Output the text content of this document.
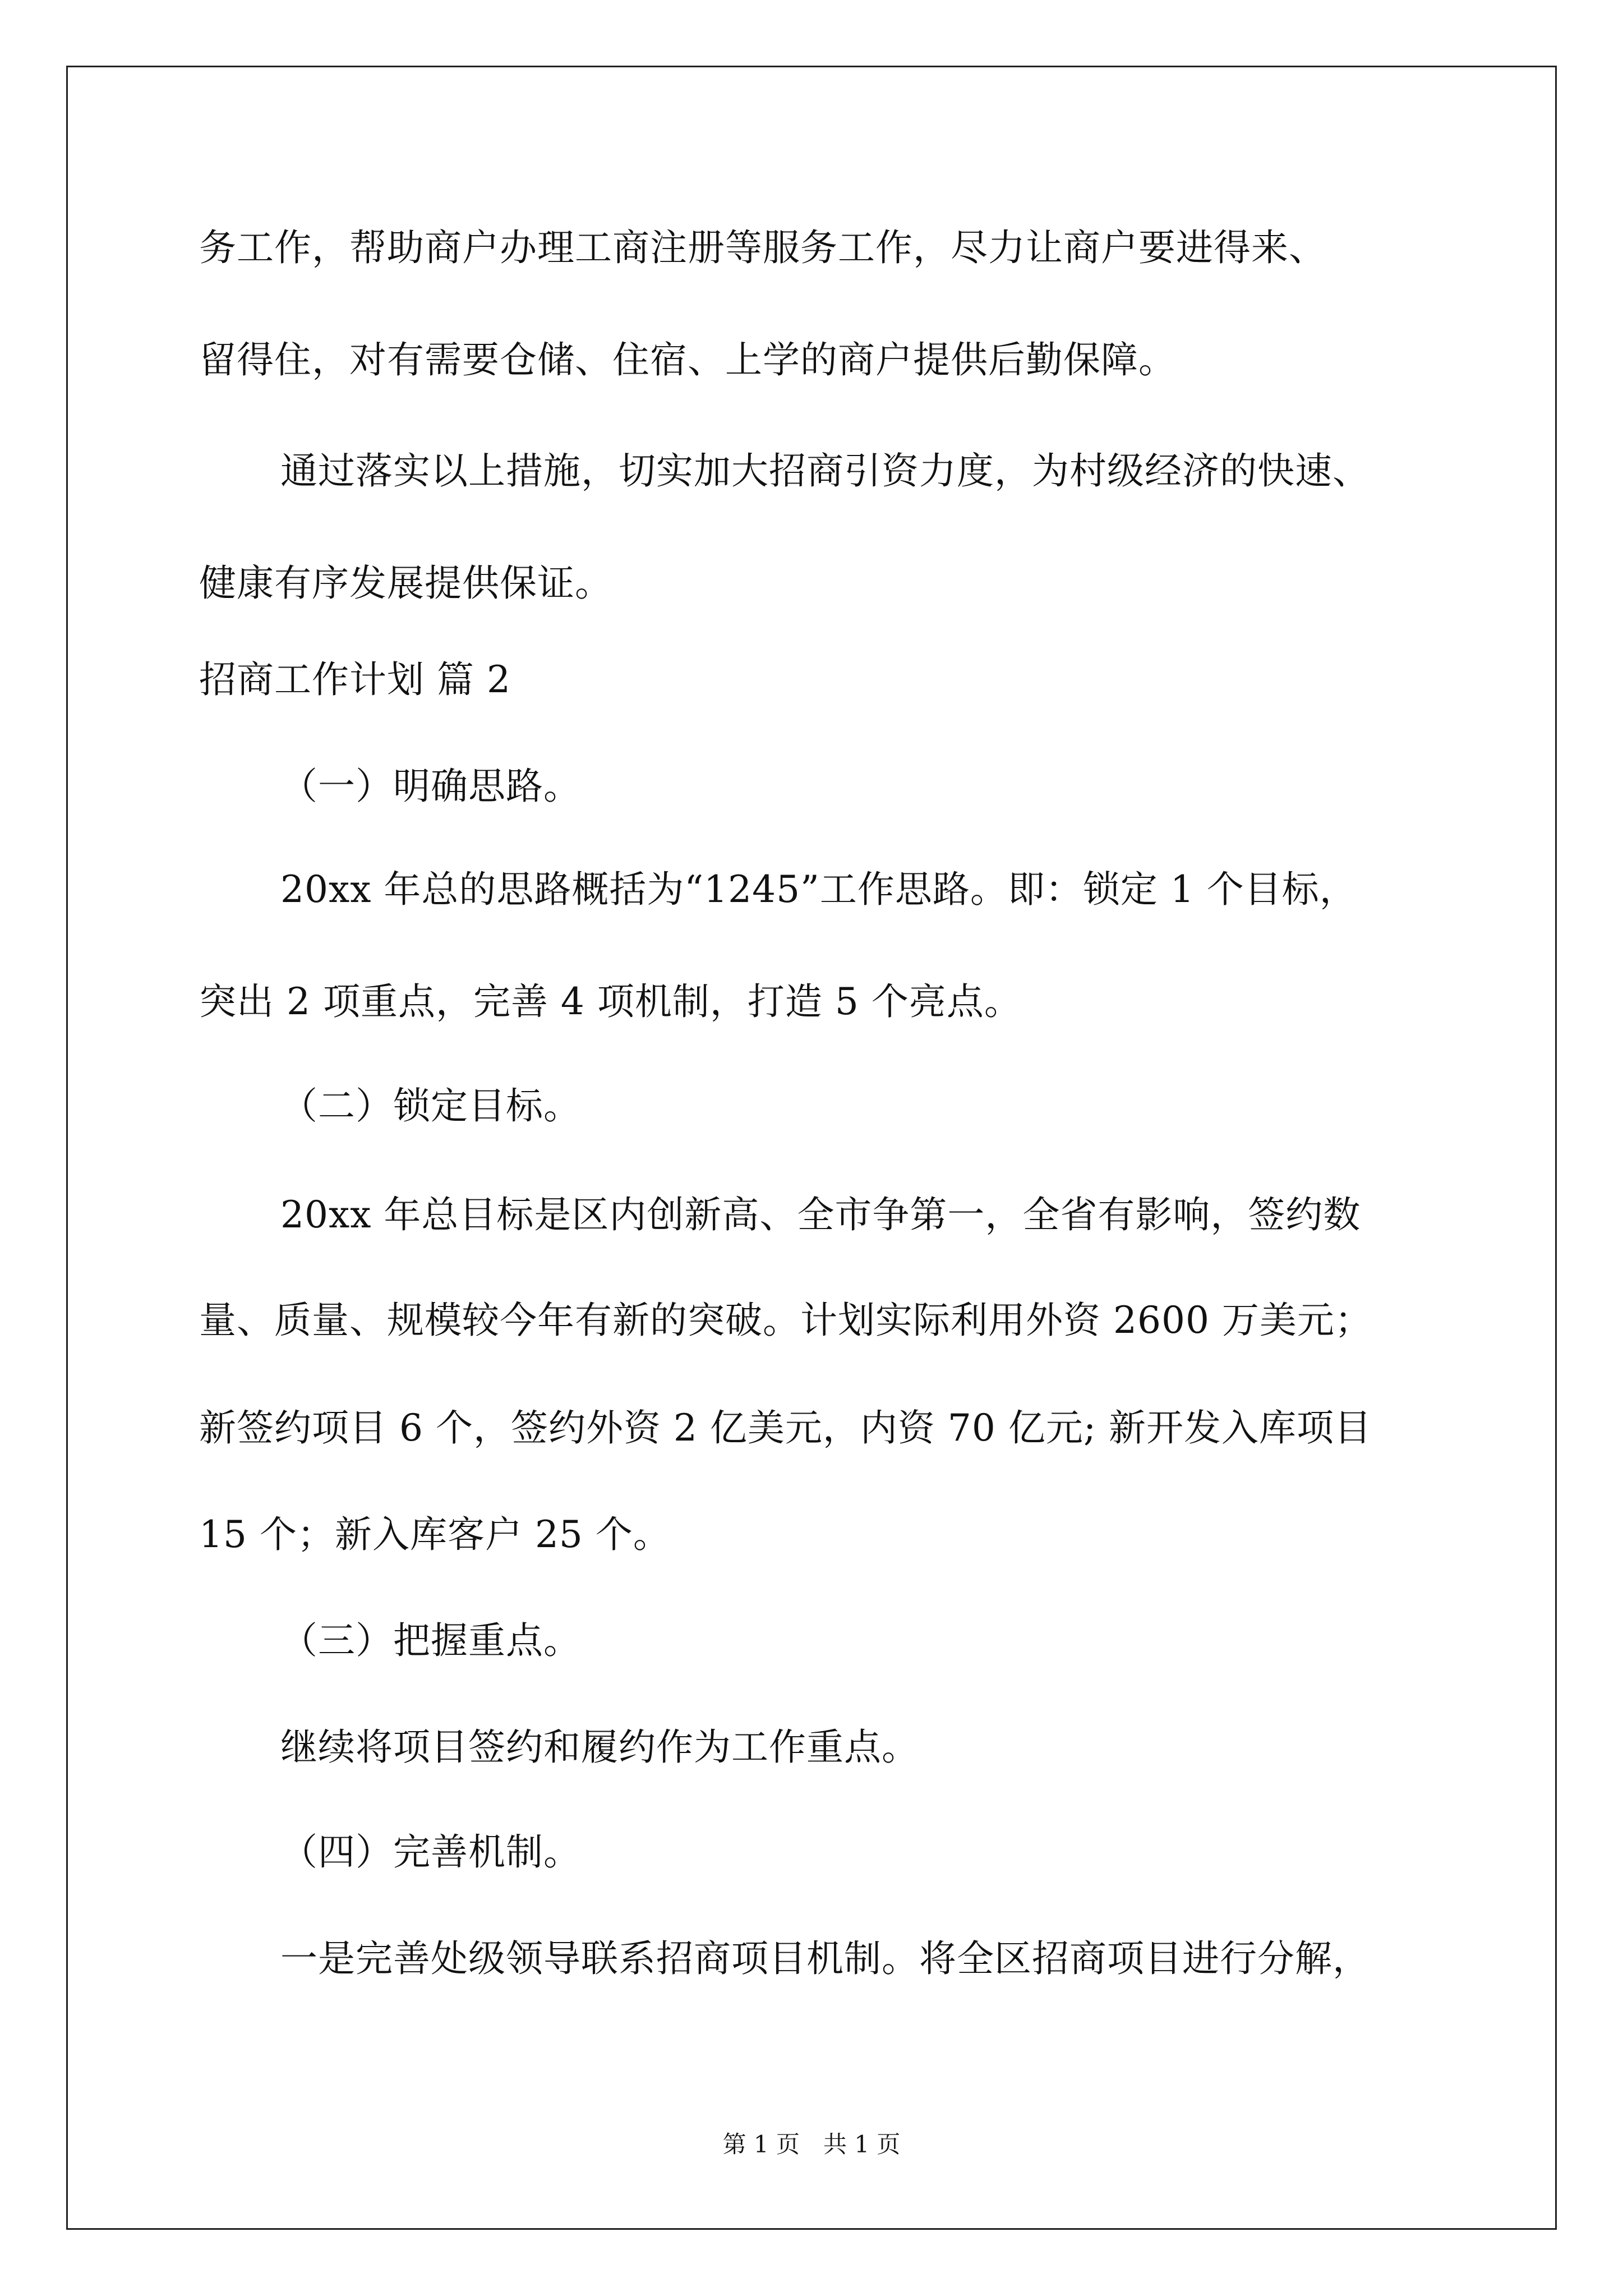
务工作，帮助商户办理工商注册等服务工作，尽力让商户要进得来、
留得住，对有需要仓储、住宿、上学的商户提供后勤保障。
通过落实以上措施，切实加大招商引资力度，为村级经济的快速、
健康有序发展提供保证。
招商工作计划 篇 2
（一）明确思路。
20xx 年总的思路概括为“1245”工作思路。即：锁定 1 个目标，
突出 2 项重点，完善 4 项机制，打造 5 个亮点。
（二）锁定目标。
20xx 年总目标是区内创新高、全市争第一，全省有影响，签约数
量、质量、规模较今年有新的突破。计划实际利用外资 2600 万美元；
新签约项目 6 个，签约外资 2 亿美元，内资 70 亿元; 新开发入库项目
15 个；新入库客户 25 个。
（三）把握重点。
继续将项目签约和履约作为工作重点。
（四）完善机制。
一是完善处级领导联系招商项目机制。将全区招商项目进行分解，
第 1 页　共 1 页
